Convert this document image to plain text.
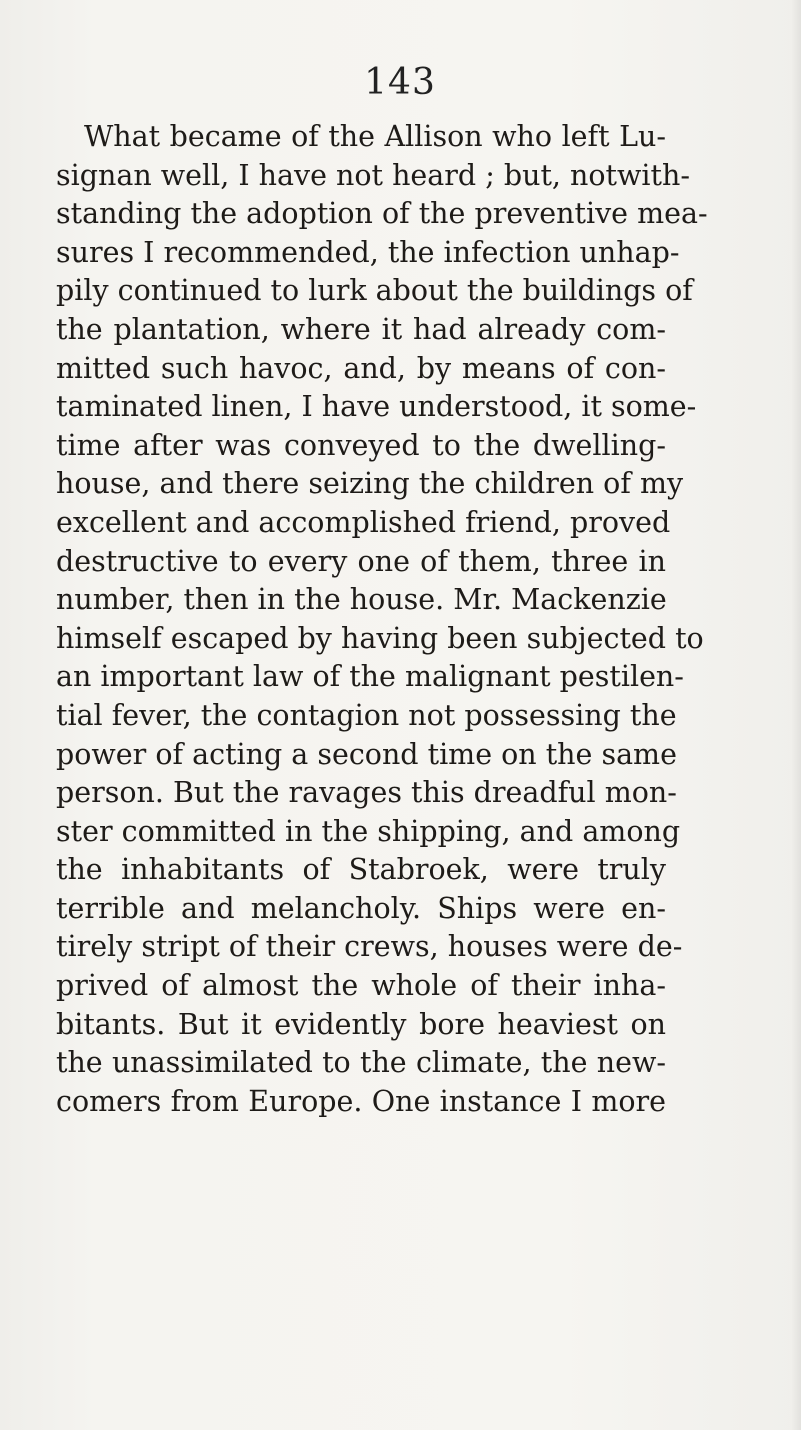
143
What became of the Allison who left Lu-
signan well, I have not heard ; but, notwith-
standing the adoption of the preventive mea-
sures I recommended, the infection unhap-
pily continued to lurk about the buildings of
the plantation, where it had already com-
mitted such havoc, and, by means of con-
taminated linen, I have understood, it some-
time after was conveyed to the dwelling-
house, and there seizing the children of my
excellent and accomplished friend, proved
destructive to every one of them, three in
number, then in the house. Mr. Mackenzie
himself escaped by having been subjected to
an important law of the malignant pestilen-
tial fever, the contagion not possessing the
power of acting a second time on the same
person. But the ravages this dreadful mon-
ster committed in the shipping, and among
the inhabitants of Stabroek, were truly
terrible and melancholy. Ships were en-
tirely stript of their crews, houses were de-
prived of almost the whole of their inha-
bitants. But it evidently bore heaviest on
the unassimilated to the climate, the new-
comers from Europe. One instance I more
